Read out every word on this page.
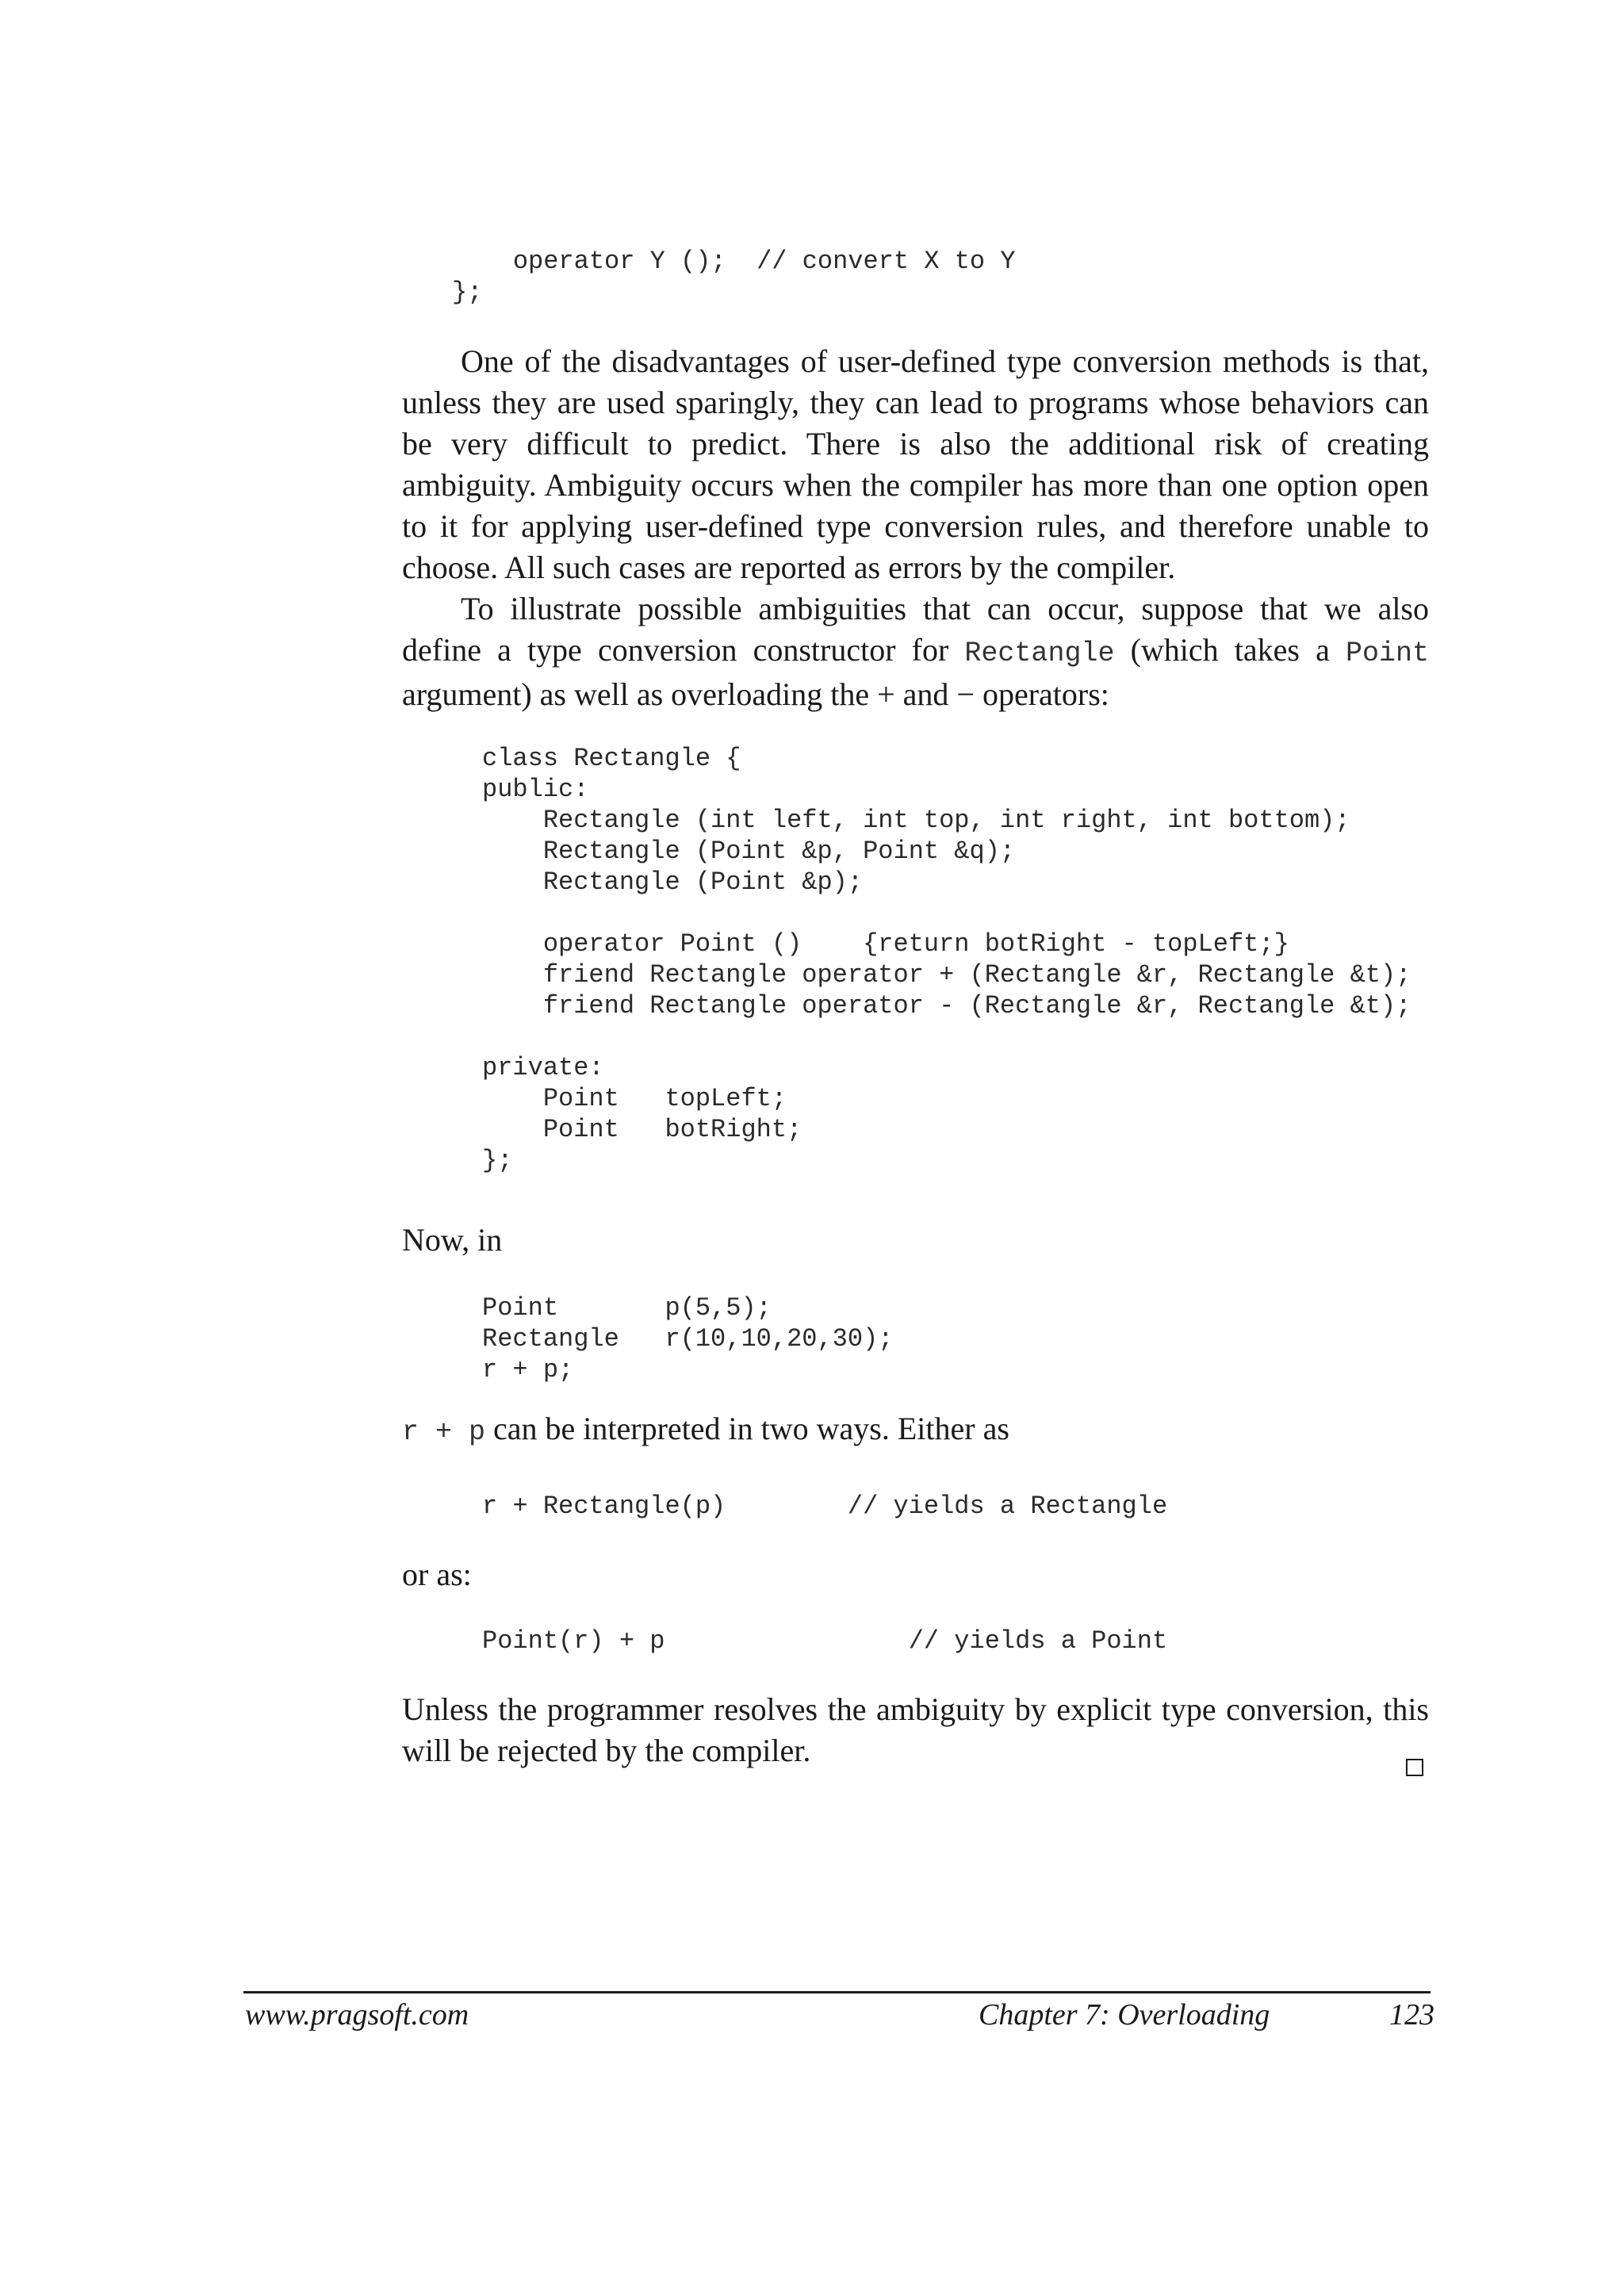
operator Y ();  // convert X to Y
};

One of the disadvantages of user-defined type conversion methods is that, unless they are used sparingly, they can lead to programs whose behaviors can be very difficult to predict. There is also the additional risk of creating ambiguity. Ambiguity occurs when the compiler has more than one option open to it for applying user-defined type conversion rules, and therefore unable to choose. All such cases are reported as errors by the compiler.

To illustrate possible ambiguities that can occur, suppose that we also define a type conversion constructor for Rectangle (which takes a Point argument) as well as overloading the + and − operators:

class Rectangle {
public:
Rectangle (int left, int top, int right, int bottom);
Rectangle (Point &p, Point &q);
Rectangle (Point &p);

operator Point ()    {return botRight - topLeft;}
friend Rectangle operator + (Rectangle &r, Rectangle &t);
friend Rectangle operator - (Rectangle &r, Rectangle &t);

private:
Point   topLeft;
Point   botRight;
};

Now, in

Point       p(5,5);
Rectangle   r(10,10,20,30);
r + p;

r + p can be interpreted in two ways. Either as

r + Rectangle(p)        // yields a Rectangle

or as:

Point(r) + p                // yields a Point

Unless the programmer resolves the ambiguity by explicit type conversion, this will be rejected by the compiler.

www.pragsoft.com	Chapter 7: Overloading	123
